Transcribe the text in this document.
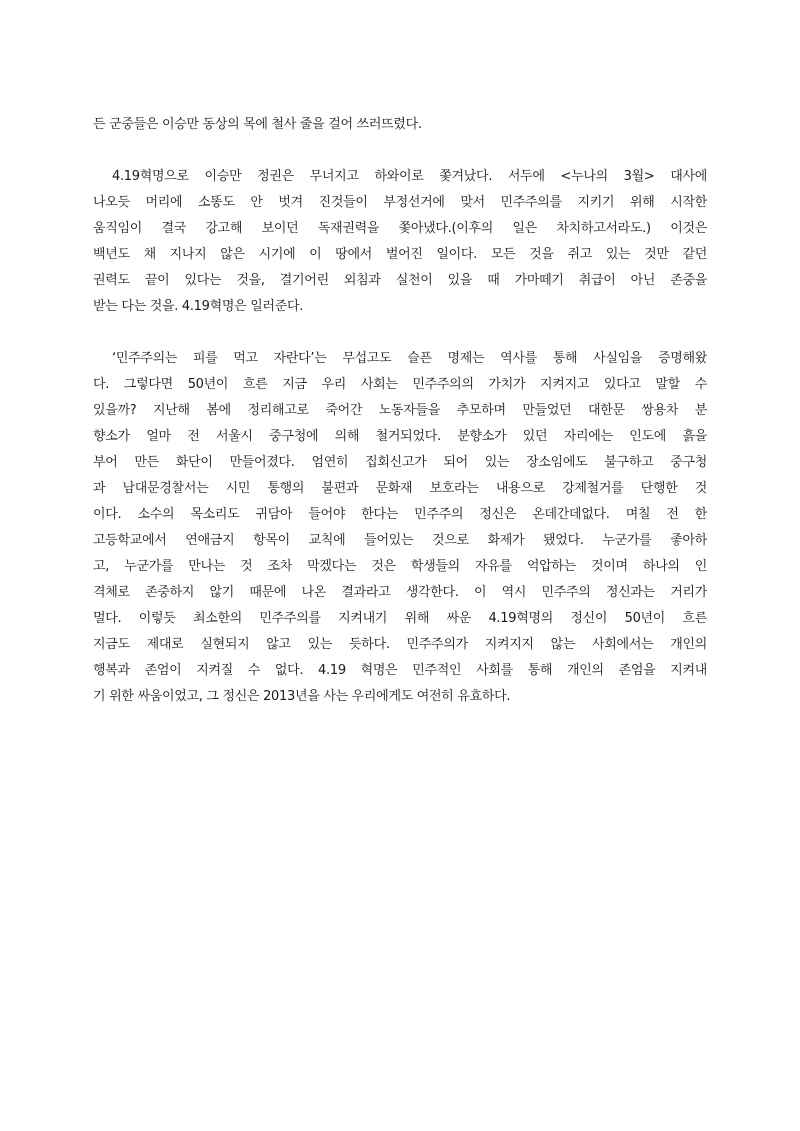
든 군중들은 이승만 동상의 목에 철사 줄을 걸어 쓰러뜨렸다.

4.19혁명으로 이승만 정권은 무너지고 하와이로 쫓겨났다. 서두에 <누나의 3월> 대사에
나오듯 머리에 소똥도 안 벗겨 진것들이 부정선거에 맞서 민주주의를 지키기 위해 시작한
움직임이 결국 강고해 보이던 독재권력을 쫓아냈다.(이후의 일은 차치하고서라도.) 이것은
백년도 채 지나지 않은 시기에 이 땅에서 벌어진 일이다. 모든 것을 쥐고 있는 것만 같던
권력도 끝이 있다는 것을, 결기어린 외침과 실천이 있을 때 가마떼기 취급이 아닌 존중을
받는 다는 것을. 4.19혁명은 일러준다.

‘민주주의는 피를 먹고 자란다’는 무섭고도 슬픈 명제는 역사를 통해 사실임을 증명해왔
다. 그렇다면 50년이 흐른 지금 우리 사회는 민주주의의 가치가 지켜지고 있다고 말할 수
있을까? 지난해 봄에 정리해고로 죽어간 노동자들을 추모하며 만들었던 대한문 쌍용차 분
향소가 얼마 전 서울시 중구청에 의해 철거되었다. 분향소가 있던 자리에는 인도에 흙을
부어 만든 화단이 만들어졌다. 엄연히 집회신고가 되어 있는 장소임에도 불구하고 중구청
과 남대문경찰서는 시민 통행의 불편과 문화재 보호라는 내용으로 강제철거를 단행한 것
이다. 소수의 목소리도 귀담아 들어야 한다는 민주주의 정신은 온데간데없다. 며칠 전 한
고등학교에서 연애금지 항목이 교칙에 들어있는 것으로 화제가 됐었다. 누군가를 좋아하
고, 누군가를 만나는 것 조차 막겠다는 것은 학생들의 자유를 억압하는 것이며 하나의 인
격체로 존중하지 않기 때문에 나온 결과라고 생각한다. 이 역시 민주주의 정신과는 거리가
멀다. 이렇듯 최소한의 민주주의를 지켜내기 위해 싸운 4.19혁명의 정신이 50년이 흐른
지금도 제대로 실현되지 않고 있는 듯하다. 민주주의가 지켜지지 않는 사회에서는 개인의
행복과 존엄이 지켜질 수 없다. 4.19 혁명은 민주적인 사회를 통해 개인의 존엄을 지켜내
기 위한 싸움이었고, 그 정신은 2013년을 사는 우리에게도 여전히 유효하다.
